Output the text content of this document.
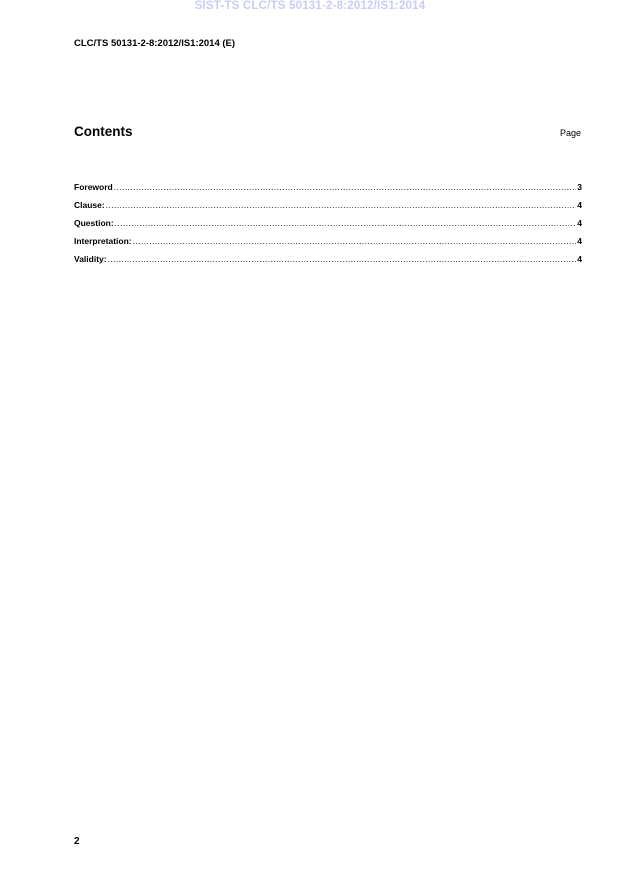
SIST-TS CLC/TS 50131-2-8:2012/IS1:2014
CLC/TS 50131-2-8:2012/IS1:2014 (E)
Contents	Page
Foreword .....	3
Clause: .....	4
Question: .....	4
Interpretation: .....	4
Validity: .....	4
2
